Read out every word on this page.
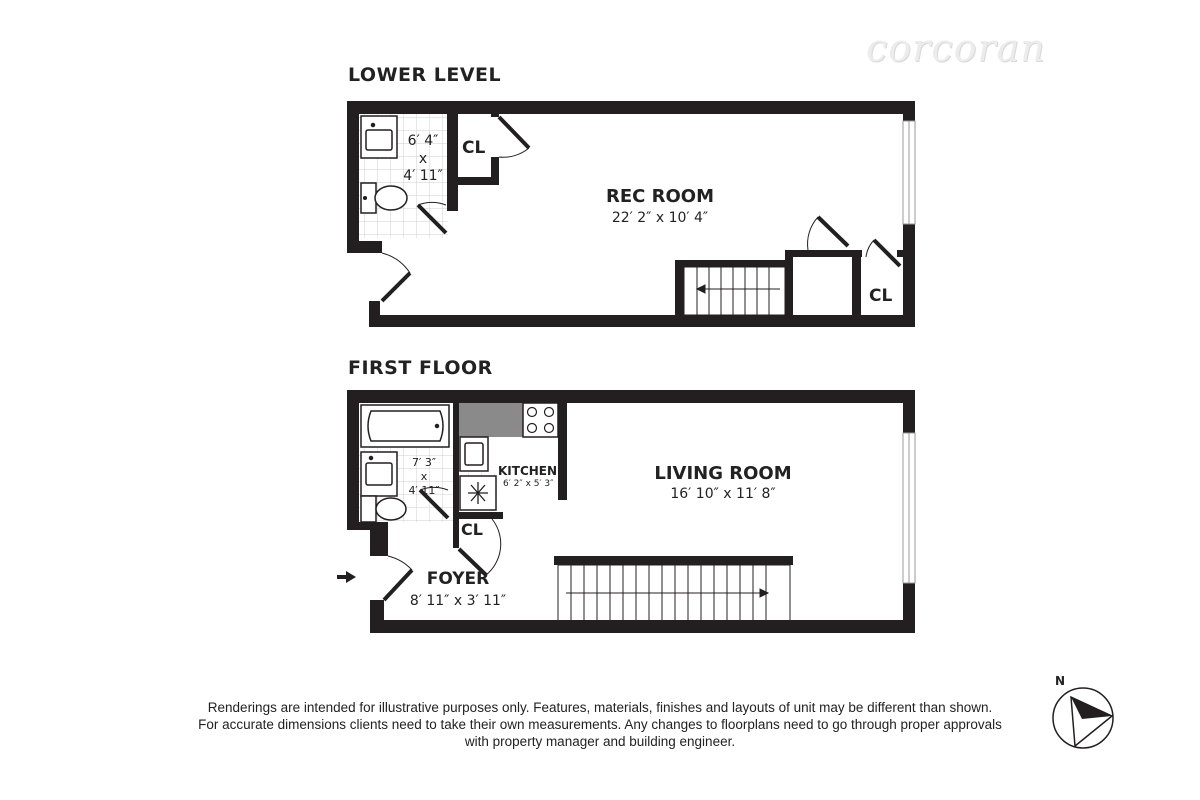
corcoran
LOWER LEVEL
FIRST FLOOR
6′ 4″
x
4′ 11″
CL
REC ROOM
22′ 2″ x 10′ 4″
CL
7′ 3″
x
4′ 11″
KITCHEN
6′ 2″ x 5′ 3″
CL
FOYER
8′ 11″ x 3′ 11″
LIVING ROOM
16′ 10″ x 11′ 8″
Renderings are intended for illustrative purposes only. Features, materials, finishes and layouts of unit may be different than shown.
For accurate dimensions clients need to take their own measurements. Any changes to floorplans need to go through proper approvals
with property manager and building engineer.
N
